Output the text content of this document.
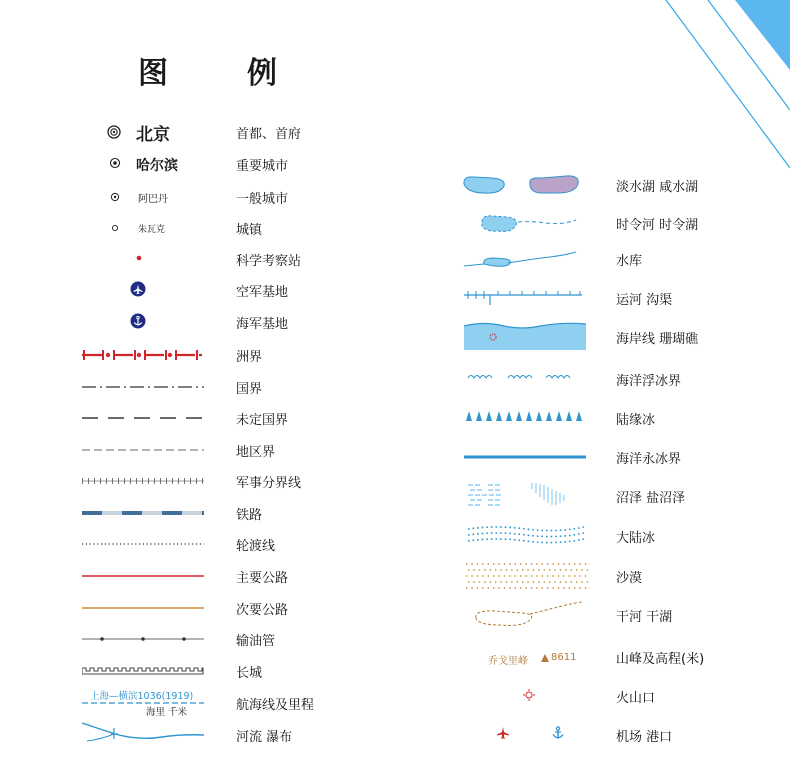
图	例
北京	首都、首府
哈尔滨	重要城市
阿巴丹	一般城市
朱瓦克	城镇
科学考察站
空军基地
海军基地
洲界
国界
未定国界
地区界
军事分界线
铁路
轮渡线
主要公路
次要公路
输油管
长城
上海—横滨1036(1919)
海里 千米	航海线及里程
河流 瀑布
淡水湖 咸水湖
时令河 时令湖
水库
运河 沟渠
海岸线 珊瑚礁
海洋浮冰界
陆缘冰
海洋永冰界
沼泽 盐沼泽
大陆冰
沙漠
干河 干湖
乔戈里峰 8611	山峰及高程(米)
火山口
机场 港口
